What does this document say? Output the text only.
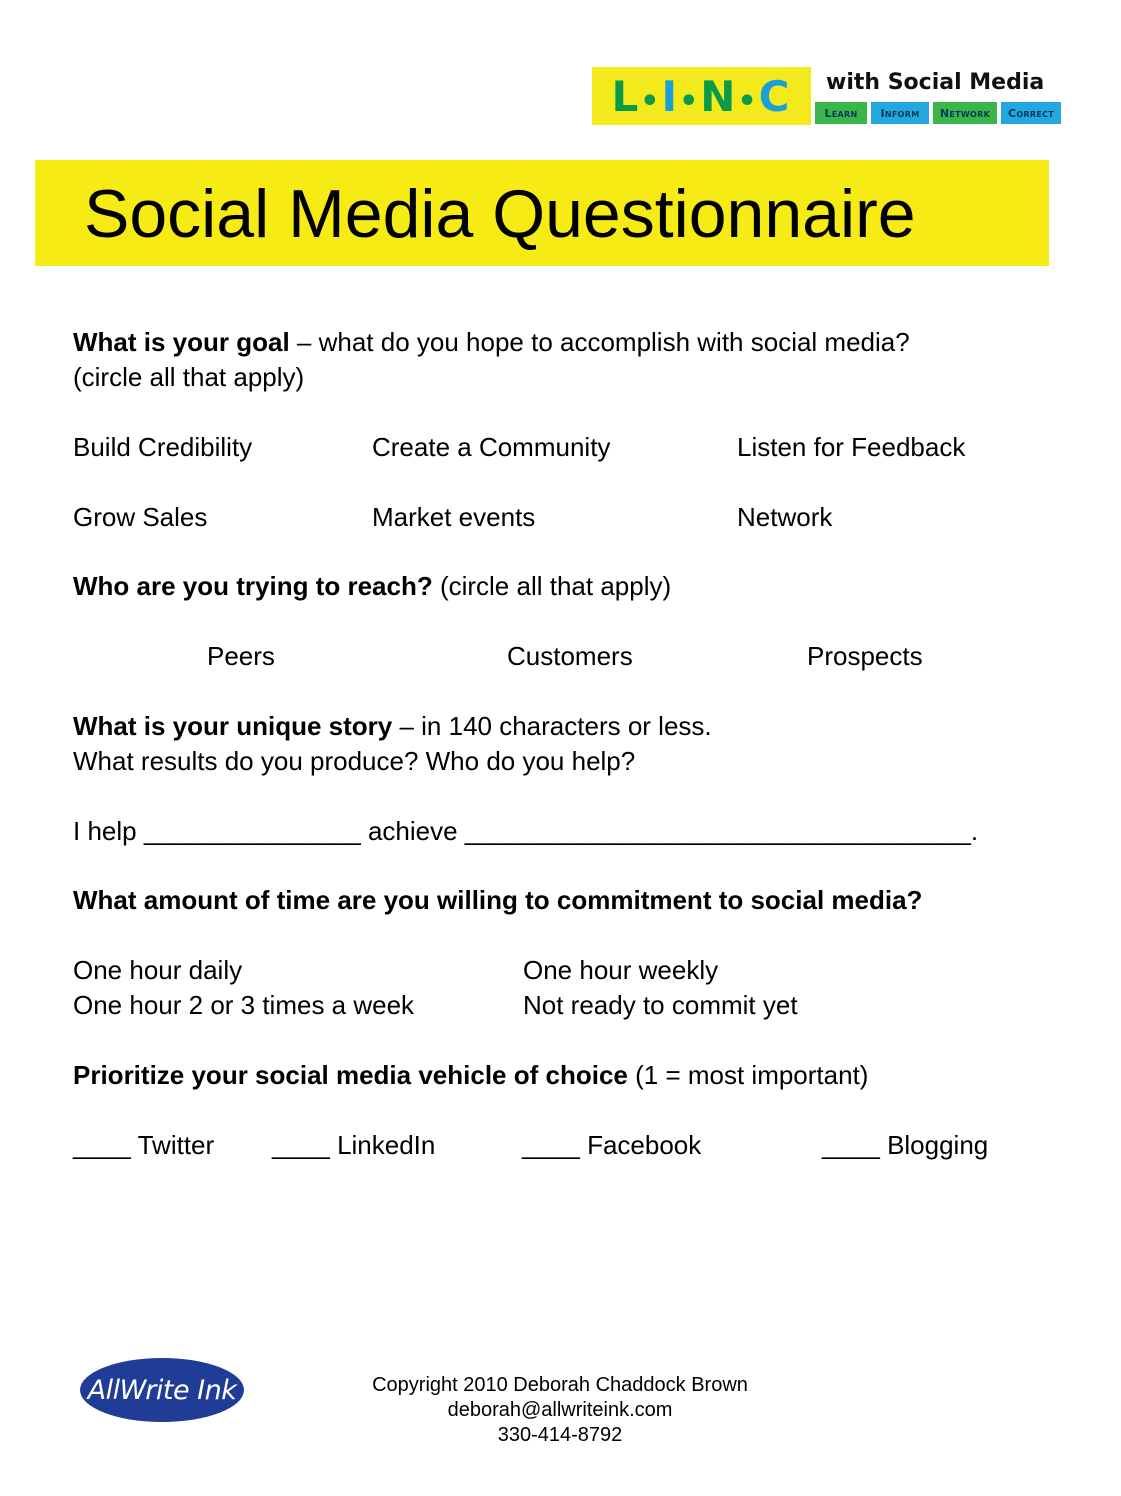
L•I•N•C with Social Media
Learn	Inform	Network	Correct
Social Media Questionnaire
What is your goal – what do you hope to accomplish with social media?
(circle all that apply)
Build Credibility	Create a Community	Listen for Feedback
Grow Sales	Market events	Network
Who are you trying to reach? (circle all that apply)
Peers	Customers	Prospects
What is your unique story – in 140 characters or less.
What results do you produce? Who do you help?
I help _______________ achieve ___________________________________.
What amount of time are you willing to commitment to social media?
One hour daily	One hour weekly
One hour 2 or 3 times a week	Not ready to commit yet
Prioritize your social media vehicle of choice (1 = most important)
____ Twitter ____ LinkedIn	____ Facebook	____ Blogging
AllWrite Ink	Copyright 2010 Deborah Chaddock Brown
deborah@allwriteink.com
330-414-8792
